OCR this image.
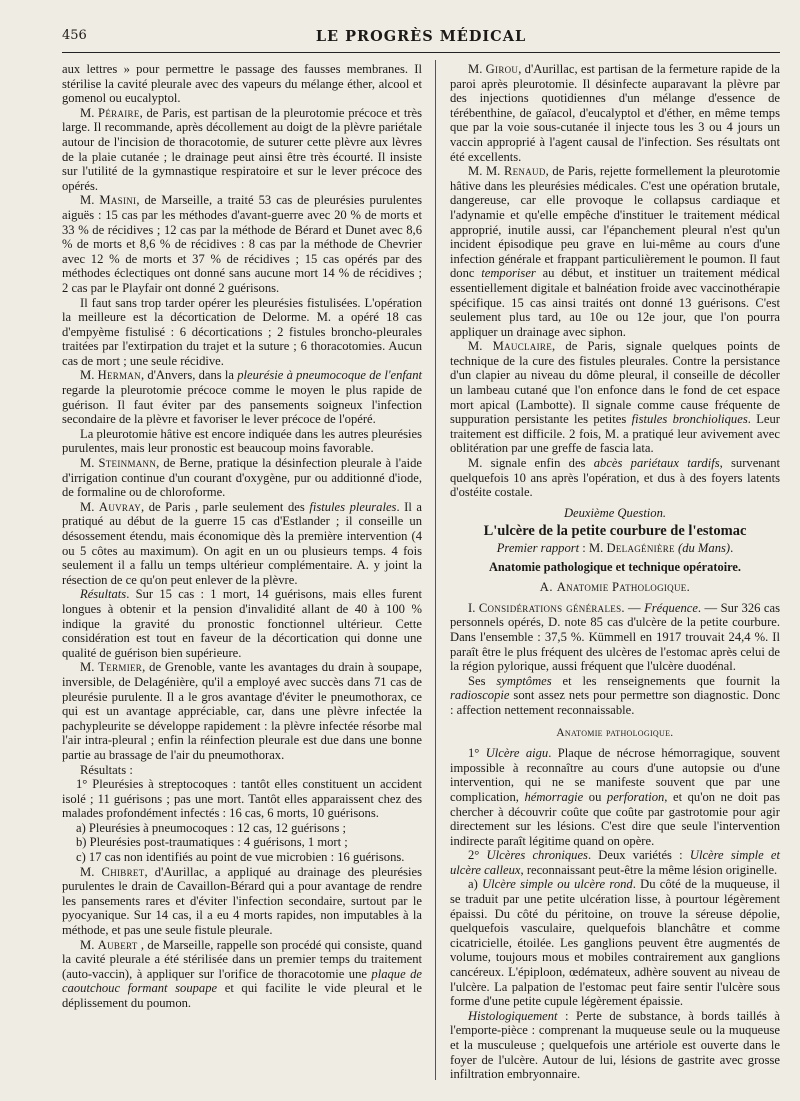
456	LE PROGRÈS MÉDICAL

aux lettres » pour permettre le passage des fausses membranes. Il stérilise la cavité pleurale avec des vapeurs du mélange éther, alcool et gomenol ou eucalyptol.

M. Péraire, de Paris, est partisan de la pleurotomie précoce et très large. Il recommande, après décollement au doigt de la plèvre pariétale autour de l'incision de thoracotomie, de suturer cette plèvre aux lèvres de la plaie cutanée ; le drainage peut ainsi être très écourté. Il insiste sur l'utilité de la gymnastique respiratoire et sur le lever précoce des opérés.

M. Masini, de Marseille, a traité 53 cas de pleurésies purulentes aiguës : 15 cas par les méthodes d'avant-guerre avec 20 % de morts et 33 % de récidives ; 12 cas par la méthode de Bérard et Dunet avec 8,6 % de morts et 8,6 % de récidives : 8 cas par la méthode de Chevrier avec 12 % de morts et 37 % de récidives ; 15 cas opérés par des méthodes éclectiques ont donné sans aucune mort 14 % de récidives ; 2 cas par le Playfair ont donné 2 guérisons.

Il faut sans trop tarder opérer les pleurésies fistulisées. L'opération la meilleure est la décortication de Delorme. M. a opéré 18 cas d'empyème fistulisé : 6 décortications ; 2 fistules broncho-pleurales traitées par l'extirpation du trajet et la suture ; 6 thoracotomies. Aucun cas de mort ; une seule récidive.

M. Herman, d'Anvers, dans la pleurésie à pneumocoque de l'enfant regarde la pleurotomie précoce comme le moyen le plus rapide de guérison. Il faut éviter par des pansements soigneux l'infection secondaire de la plèvre et favoriser le lever précoce de l'opéré.

La pleurotomie hâtive est encore indiquée dans les autres pleurésies purulentes, mais leur pronostic est beaucoup moins favorable.

M. Steinmann, de Berne, pratique la désinfection pleurale à l'aide d'irrigation continue d'un courant d'oxygène, pur ou additionné d'iode, de formaline ou de chloroforme.

M. Auvray, de Paris , parle seulement des fistules pleurales. Il a pratiqué au début de la guerre 15 cas d'Estlander ; il conseille un désossement étendu, mais économique dès la première intervention (4 ou 5 côtes au maximum). On agit en un ou plusieurs temps. 4 fois seulement il a fallu un temps ultérieur complémentaire. A. y joint la résection de ce qu'on peut enlever de la plèvre.

Résultats. Sur 15 cas : 1 mort, 14 guérisons, mais elles furent longues à obtenir et la pension d'invalidité allant de 40 à 100 % indique la gravité du pronostic fonctionnel ultérieur. Cette considération est tout en faveur de la décortication qui donne une qualité de guérison bien supérieure.

M. Termier, de Grenoble, vante les avantages du drain à soupape, inversible, de Delagénière, qu'il a employé avec succès dans 71 cas de pleurésie purulente. Il a le gros avantage d'éviter le pneumothorax, ce qui est un avantage appréciable, car, dans une plèvre infectée la pachypleurite se développe rapidement : la plèvre infectée résorbe mal l'air intra-pleural ; enfin la réinfection pleurale est due dans une bonne partie au brassage de l'air du pneumothorax.

Résultats :

1° Pleurésies à streptocoques : tantôt elles constituent un accident isolé ; 11 guérisons ; pas une mort. Tantôt elles apparaissent chez des malades profondément infectés : 16 cas, 6 morts, 10 guérisons.

a) Pleurésies à pneumocoques : 12 cas, 12 guérisons ;

b) Pleurésies post-traumatiques : 4 guérisons, 1 mort ;

c) 17 cas non identifiés au point de vue microbien : 16 guérisons.

M. Chibret, d'Aurillac, a appliqué au drainage des pleurésies purulentes le drain de Cavaillon-Bérard qui a pour avantage de rendre les pansements rares et d'éviter l'infection secondaire, surtout par le pyocyanique. Sur 14 cas, il a eu 4 morts rapides, non imputables à la méthode, et pas une seule fistule pleurale.

M. Aubert , de Marseille, rappelle son procédé qui consiste, quand la cavité pleurale a été stérilisée dans un premier temps du traitement (auto-vaccin), à appliquer sur l'orifice de thoracotomie une plaque de caoutchouc formant soupape et qui facilite le vide pleural et le déplissement du poumon.

M. Girou, d'Aurillac, est partisan de la fermeture rapide de la paroi après pleurotomie. Il désinfecte auparavant la plèvre par des injections quotidiennes d'un mélange d'essence de térébenthine, de gaïacol, d'eucalyptol et d'éther, en même temps que par la voie sous-cutanée il injecte tous les 3 ou 4 jours un vaccin approprié à l'agent causal de l'infection. Ses résultats ont été excellents.

M. M. Renaud, de Paris, rejette formellement la pleurotomie hâtive dans les pleurésies médicales. C'est une opération brutale, dangereuse, car elle provoque le collapsus cardiaque et l'adynamie et qu'elle empêche d'instituer le traitement médical approprié, inutile aussi, car l'épanchement pleural n'est qu'un incident épisodique peu grave en lui-même au cours d'une infection générale et frappant particulièrement le poumon. Il faut donc temporiser au début, et instituer un traitement médical essentiellement digitale et balnéation froide avec vaccinothérapie spécifique. 15 cas ainsi traités ont donné 13 guérisons. C'est seulement plus tard, au 10e ou 12e jour, que l'on pourra appliquer un drainage avec siphon.

M. Mauclaire, de Paris, signale quelques points de technique de la cure des fistules pleurales. Contre la persistance d'un clapier au niveau du dôme pleural, il conseille de décoller un lambeau cutané que l'on enfonce dans le fond de cet espace mort apical (Lambotte). Il signale comme cause fréquente de suppuration persistante les petites fistules bronchioliques. Leur traitement est difficile. 2 fois, M. a pratiqué leur avivement avec oblitération par une greffe de fascia lata.

M. signale enfin des abcès pariétaux tardifs, survenant quelquefois 10 ans après l'opération, et dus à des foyers latents d'ostéite costale.

Deuxième Question.

L'ulcère de la petite courbure de l'estomac

Premier rapport : M. Delagénière (du Mans).

Anatomie pathologique et technique opératoire.

A. Anatomie Pathologique.

I. Considérations générales. — Fréquence. — Sur 326 cas personnels opérés, D. note 85 cas d'ulcère de la petite courbure. Dans l'ensemble : 37,5 %. Kümmell en 1917 trouvait 24,4 %. Il paraît être le plus fréquent des ulcères de l'estomac après celui de la région pylorique, aussi fréquent que l'ulcère duodénal.

Ses symptômes et les renseignements que fournit la radioscopie sont assez nets pour permettre son diagnostic. Donc : affection nettement reconnaissable.

Anatomie pathologique.

1° Ulcère aigu. Plaque de nécrose hémorragique, souvent impossible à reconnaître au cours d'une autopsie ou d'une intervention, qui ne se manifeste souvent que par une complication, hémorragie ou perforation, et qu'on ne doit pas chercher à découvrir coûte que coûte par gastrotomie pour agir directement sur les lésions. C'est dire que seule l'intervention indirecte paraît légitime quand on opère.

2° Ulcères chroniques. Deux variétés : Ulcère simple et ulcère calleux, reconnaissant peut-être la même lésion originelle.

a) Ulcère simple ou ulcère rond. Du côté de la muqueuse, il se traduit par une petite ulcération lisse, à pourtour légèrement épaissi. Du côté du péritoine, on trouve la séreuse dépolie, quelquefois vasculaire, quelquefois blanchâtre et comme cicatricielle, étoilée. Les ganglions peuvent être augmentés de volume, toujours mous et mobiles contrairement aux ganglions cancéreux. L'épiploon, œdémateux, adhère souvent au niveau de l'ulcère. La palpation de l'estomac peut faire sentir l'ulcère sous forme d'une petite cupule légèrement épaissie.

Histologiquement : Perte de substance, à bords taillés à l'emporte-pièce : comprenant la muqueuse seule ou la muqueuse et la musculeuse ; quelquefois une artériole est ouverte dans le foyer de l'ulcère. Autour de lui, lésions de gastrite avec grosse infiltration embryonnaire.
